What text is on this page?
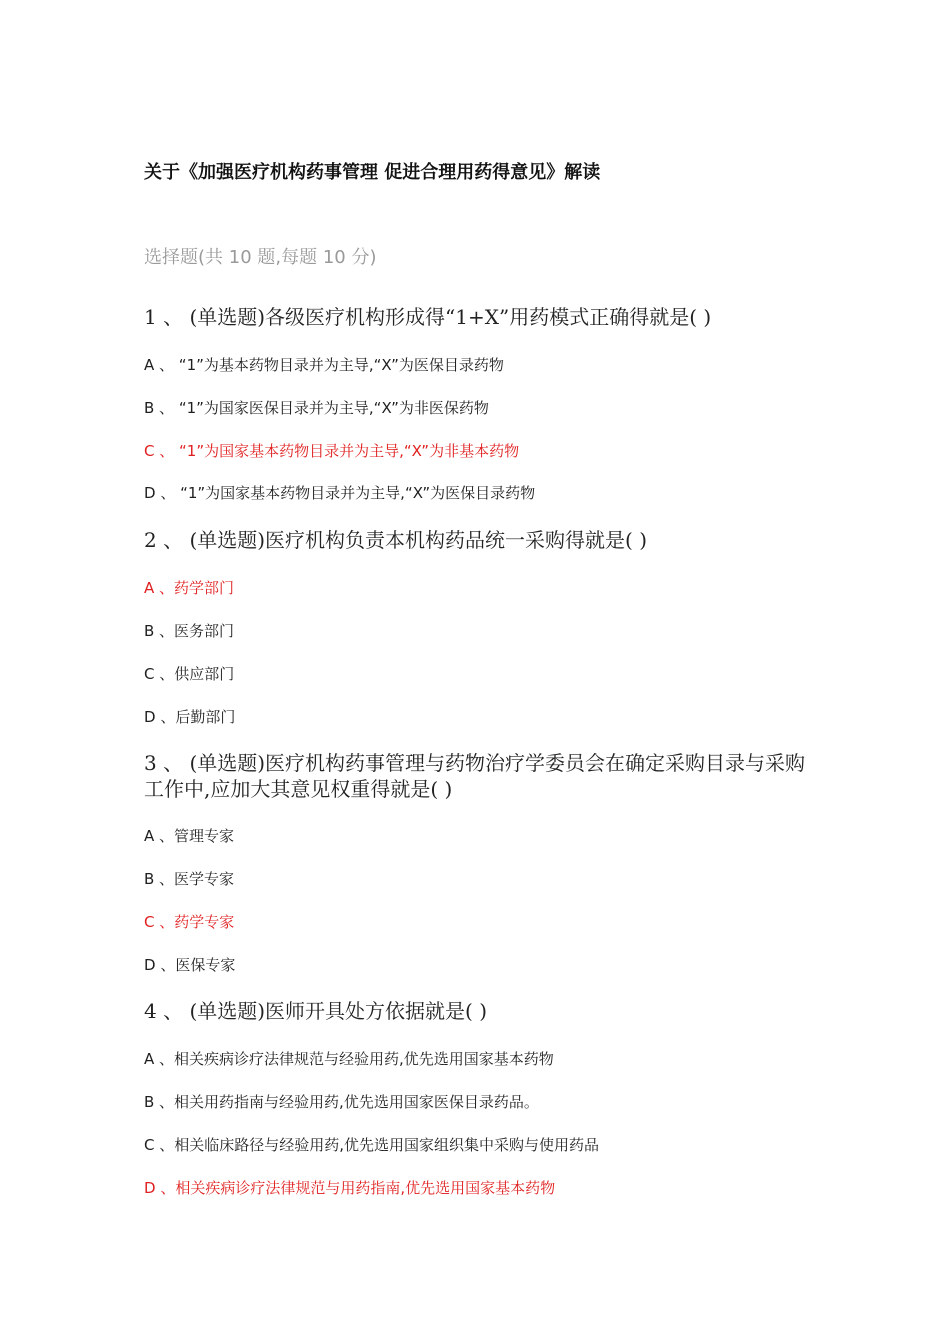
关于《加强医疗机构药事管理 促进合理用药得意见》解读
选择题(共 10 题,每题 10 分)
1 、 (单选题)各级医疗机构形成得“1+X”用药模式正确得就是( )
A 、 “1”为基本药物目录并为主导,“X”为医保目录药物
B 、 “1”为国家医保目录并为主导,“X”为非医保药物
C 、 “1”为国家基本药物目录并为主导,“X”为非基本药物
D 、 “1”为国家基本药物目录并为主导,“X”为医保目录药物
2 、 (单选题)医疗机构负责本机构药品统一采购得就是( )
A 、药学部门
B 、医务部门
C 、供应部门
D 、后勤部门
3 、 (单选题)医疗机构药事管理与药物治疗学委员会在确定采购目录与采购工作中,应加大其意见权重得就是( )
A 、管理专家
B 、医学专家
C 、药学专家
D 、医保专家
4 、 (单选题)医师开具处方依据就是( )
A 、相关疾病诊疗法律规范与经验用药,优先选用国家基本药物
B 、相关用药指南与经验用药,优先选用国家医保目录药品。
C 、相关临床路径与经验用药,优先选用国家组织集中采购与使用药品
D 、相关疾病诊疗法律规范与用药指南,优先选用国家基本药物
